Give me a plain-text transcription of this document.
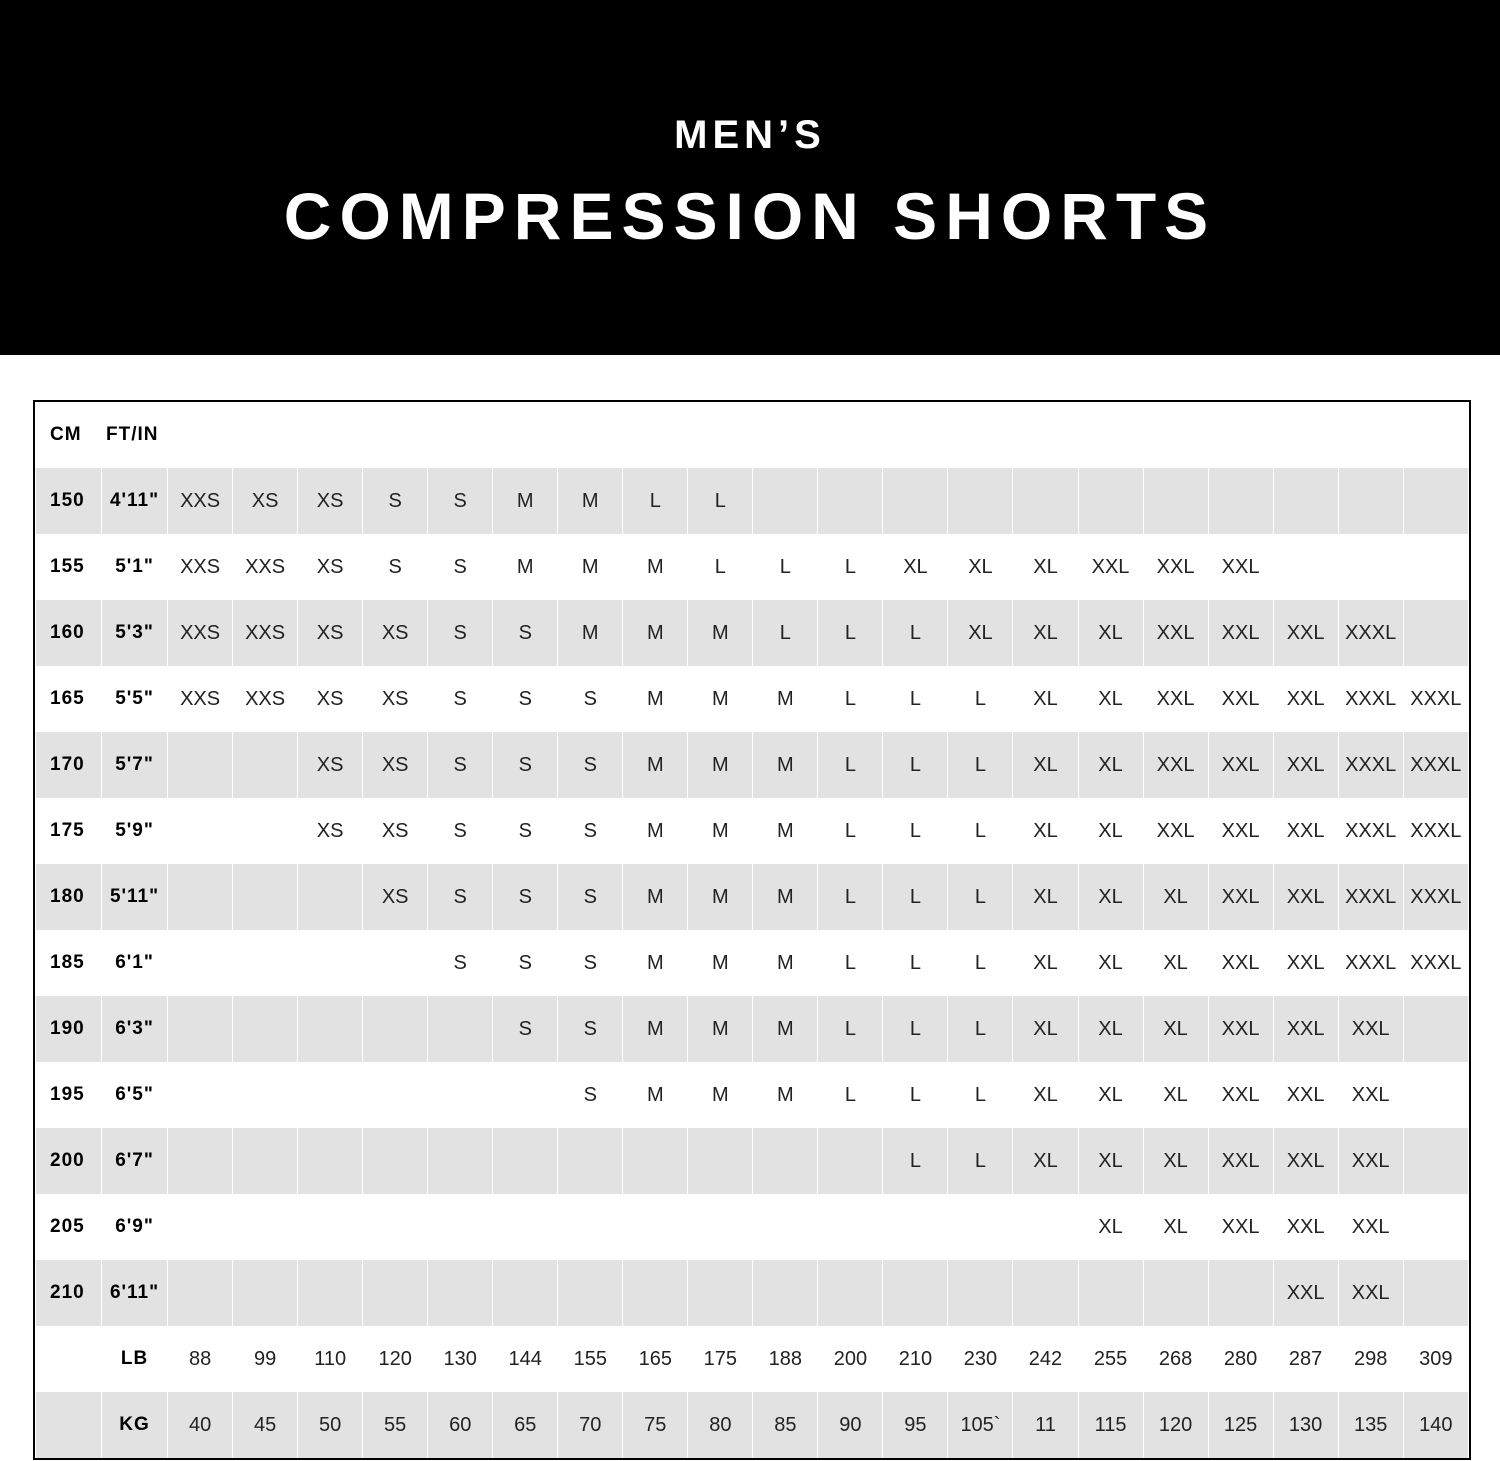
MEN’S
COMPRESSION SHORTS
CM	FT/IN																				
150	4'11"	XXS	XS	XS	S	S	M	M	L	L											
155	5'1"	XXS	XXS	XS	S	S	M	M	M	L	L	L	XL	XL	XL	XXL	XXL	XXL			
160	5'3"	XXS	XXS	XS	XS	S	S	M	M	M	L	L	L	XL	XL	XL	XXL	XXL	XXL	XXXL	
165	5'5"	XXS	XXS	XS	XS	S	S	S	M	M	M	L	L	L	XL	XL	XXL	XXL	XXL	XXXL	XXXL
170	5'7"			XS	XS	S	S	S	M	M	M	L	L	L	XL	XL	XXL	XXL	XXL	XXXL	XXXL
175	5'9"			XS	XS	S	S	S	M	M	M	L	L	L	XL	XL	XXL	XXL	XXL	XXXL	XXXL
180	5'11"				XS	S	S	S	M	M	M	L	L	L	XL	XL	XL	XXL	XXL	XXXL	XXXL
185	6'1"					S	S	S	M	M	M	L	L	L	XL	XL	XL	XXL	XXL	XXXL	XXXL
190	6'3"						S	S	M	M	M	L	L	L	XL	XL	XL	XXL	XXL	XXL	
195	6'5"							S	M	M	M	L	L	L	XL	XL	XL	XXL	XXL	XXL	
200	6'7"												L	L	XL	XL	XL	XXL	XXL	XXL	
205	6'9"															XL	XL	XXL	XXL	XXL	
210	6'11"																		XXL	XXL	
	LB	88	99	110	120	130	144	155	165	175	188	200	210	230	242	255	268	280	287	298	309
	KG	40	45	50	55	60	65	70	75	80	85	90	95	105`	11	115	120	125	130	135	140
